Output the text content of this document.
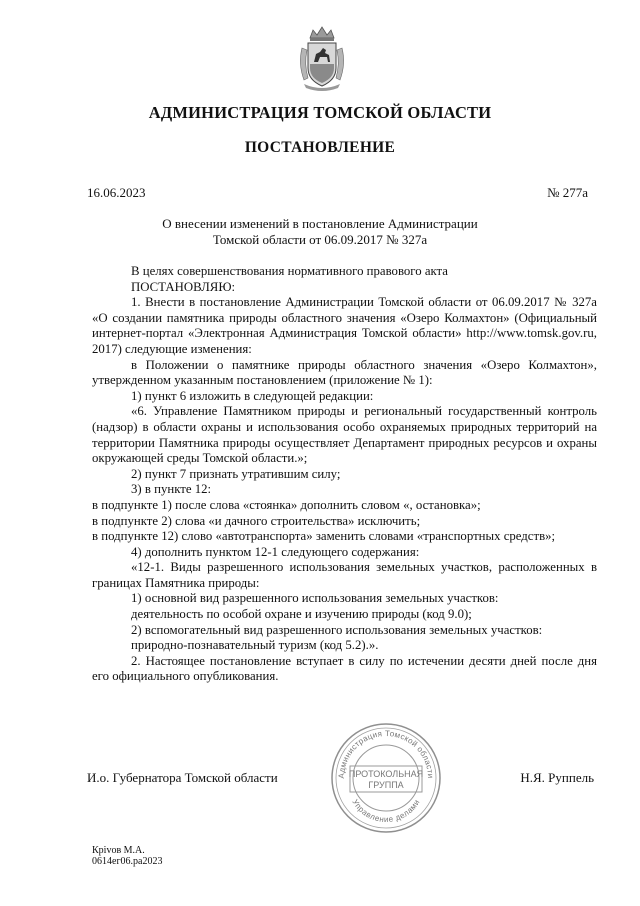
АДМИНИСТРАЦИЯ ТОМСКОЙ ОБЛАСТИ
ПОСТАНОВЛЕНИЕ
16.06.2023	№ 277а
О внесении изменений в постановление Администрации
Томской области от 06.09.2017 № 327а

В целях совершенствования нормативного правового акта

ПОСТАНОВЛЯЮ:

1. Внести в постановление Администрации Томской области от 06.09.2017 № 327а «О создании памятника природы областного значения «Озеро Колмахтон» (Официальный интернет-портал «Электронная Администрация Томской области» http://www.tomsk.gov.ru, 2017) следующие изменения:

в Положении о памятнике природы областного значения «Озеро Колмахтон», утвержденном указанным постановлением (приложение № 1):

1) пункт 6 изложить в следующей редакции:

«6. Управление Памятником природы и региональный государственный контроль (надзор) в области охраны и использования особо охраняемых природных территорий на территории Памятника природы осуществляет Департамент природных ресурсов и охраны окружающей среды Томской области.»;

2) пункт 7 признать утратившим силу;

3) в пункте 12:

в подпункте 1) после слова «стоянка» дополнить словом «, остановка»;

в подпункте 2) слова «и дачного строительства» исключить;

в подпункте 12) слово «автотранспорта» заменить словами «транспортных средств»;

4) дополнить пунктом 12-1 следующего содержания:

«12-1. Виды разрешенного использования земельных участков, расположенных в границах Памятника природы:

1) основной вид разрешенного использования земельных участков:

деятельность по особой охране и изучению природы (код 9.0);

2) вспомогательный вид разрешенного использования земельных участков:

природно-познавательный туризм (код 5.2).».

2. Настоящее постановление вступает в силу по истечении десяти дней после дня его официального опубликования.

Администрация Томской области
Управление делами
ПРОТОКОЛЬНАЯ
ГРУППА
И.о. Губернатора Томской области	Н.Я. Руппель
Крivов М.А.
0614ег06.ра2023
